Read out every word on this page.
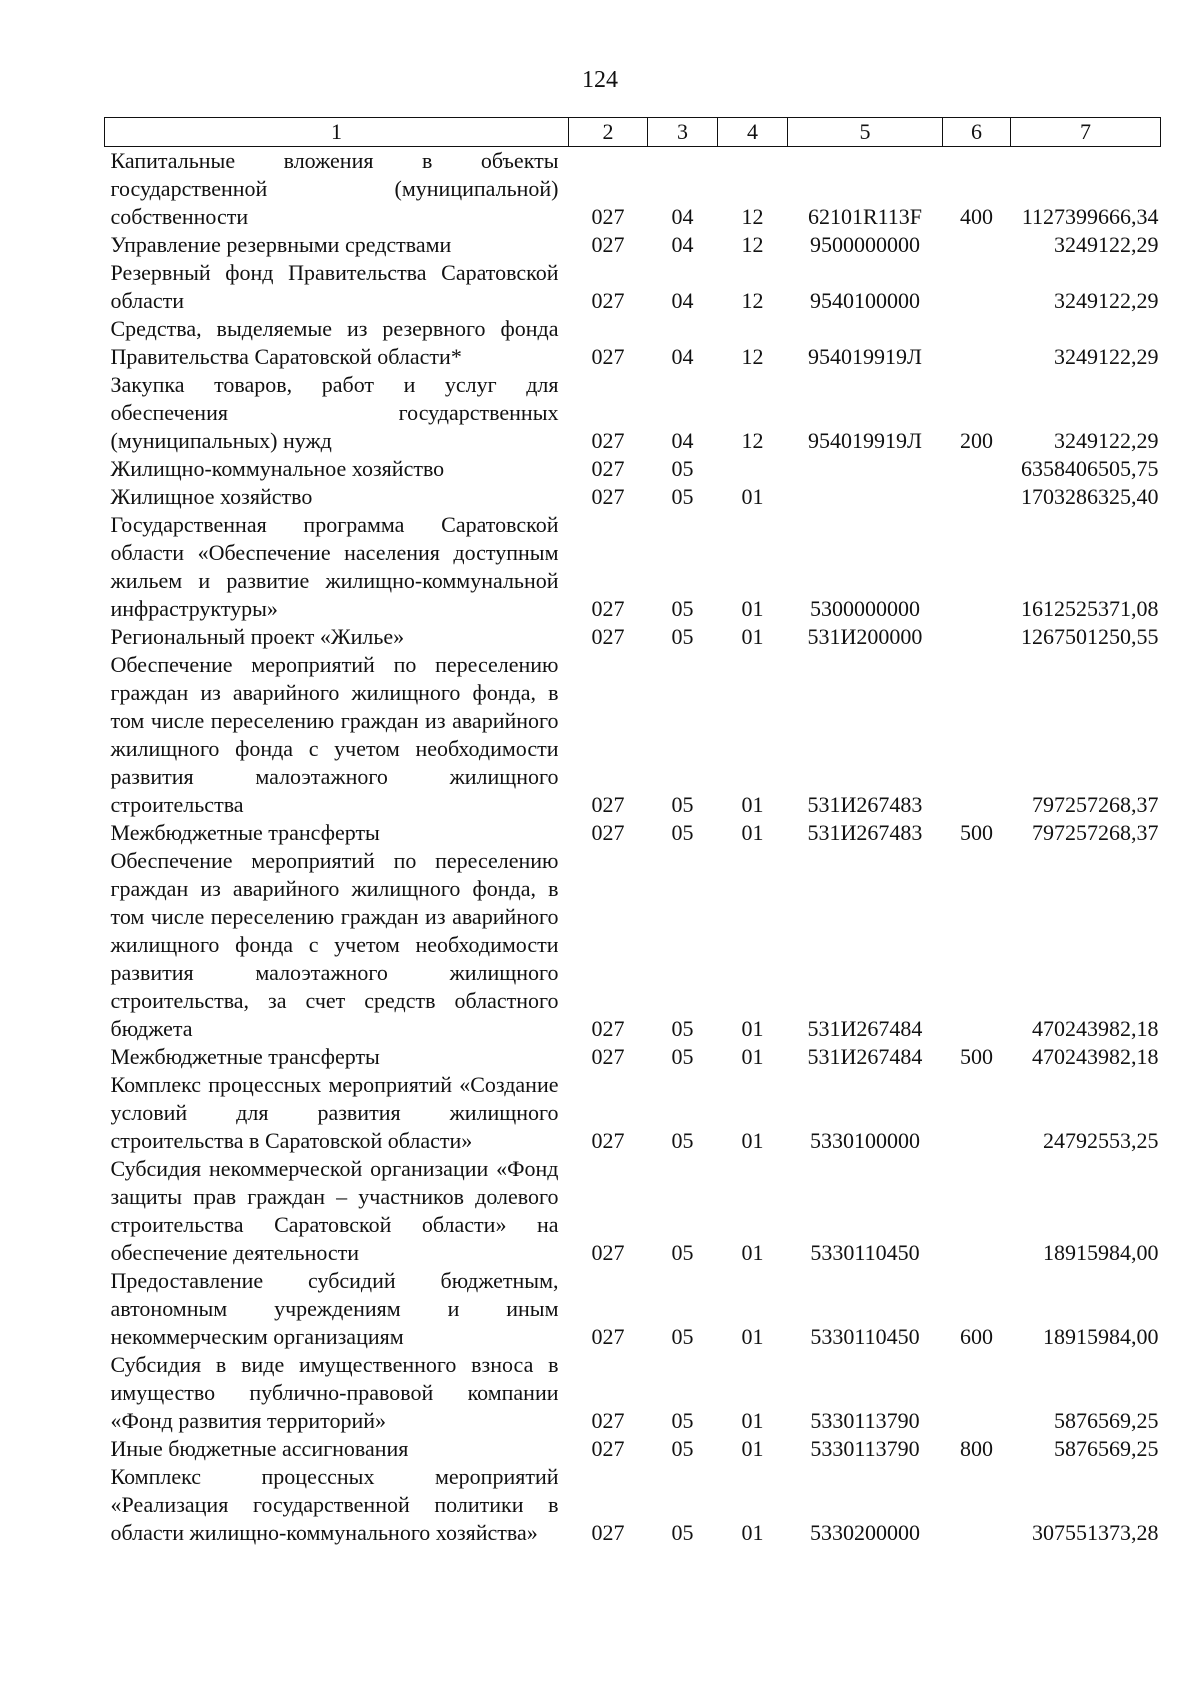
124
1	2	3	4	5	6	7
Капитальные вложения в объекты государственной (муниципальной) собственности	027	04	12	62101R113F	400	1127399666,34
Управление резервными средствами	027	04	12	9500000000		3249122,29
Резервный фонд Правительства Саратовской области	027	04	12	9540100000		3249122,29
Средства, выделяемые из резервного фонда Правительства Саратовской области*	027	04	12	954019919Л		3249122,29
Закупка товаров, работ и услуг для обеспечения государственных (муниципальных) нужд	027	04	12	954019919Л	200	3249122,29
Жилищно-коммунальное хозяйство	027	05				6358406505,75
Жилищное хозяйство	027	05	01			1703286325,40
Государственная программа Саратовской области «Обеспечение населения доступным жильем и развитие жилищно-коммунальной инфраструктуры»	027	05	01	5300000000		1612525371,08
Региональный проект «Жилье»	027	05	01	531И200000		1267501250,55
Обеспечение мероприятий по переселению граждан из аварийного жилищного фонда, в том числе переселению граждан из аварийного жилищного фонда с учетом необходимости развития малоэтажного жилищного строительства	027	05	01	531И267483		797257268,37
Межбюджетные трансферты	027	05	01	531И267483	500	797257268,37
Обеспечение мероприятий по переселению граждан из аварийного жилищного фонда, в том числе переселению граждан из аварийного жилищного фонда с учетом необходимости развития малоэтажного жилищного строительства, за счет средств областного бюджета	027	05	01	531И267484		470243982,18
Межбюджетные трансферты	027	05	01	531И267484	500	470243982,18
Комплекс процессных мероприятий «Создание условий для развития жилищного строительства в Саратовской области»	027	05	01	5330100000		24792553,25
Субсидия некоммерческой организации «Фонд защиты прав граждан – участников долевого строительства Саратовской области» на обеспечение деятельности	027	05	01	5330110450		18915984,00
Предоставление субсидий бюджетным, автономным учреждениям и иным некоммерческим организациям	027	05	01	5330110450	600	18915984,00
Субсидия в виде имущественного взноса в имущество публично-правовой компании «Фонд развития территорий»	027	05	01	5330113790		5876569,25
Иные бюджетные ассигнования	027	05	01	5330113790	800	5876569,25
Комплекс процессных мероприятий «Реализация государственной политики в области жилищно-коммунального хозяйства»	027	05	01	5330200000		307551373,28
